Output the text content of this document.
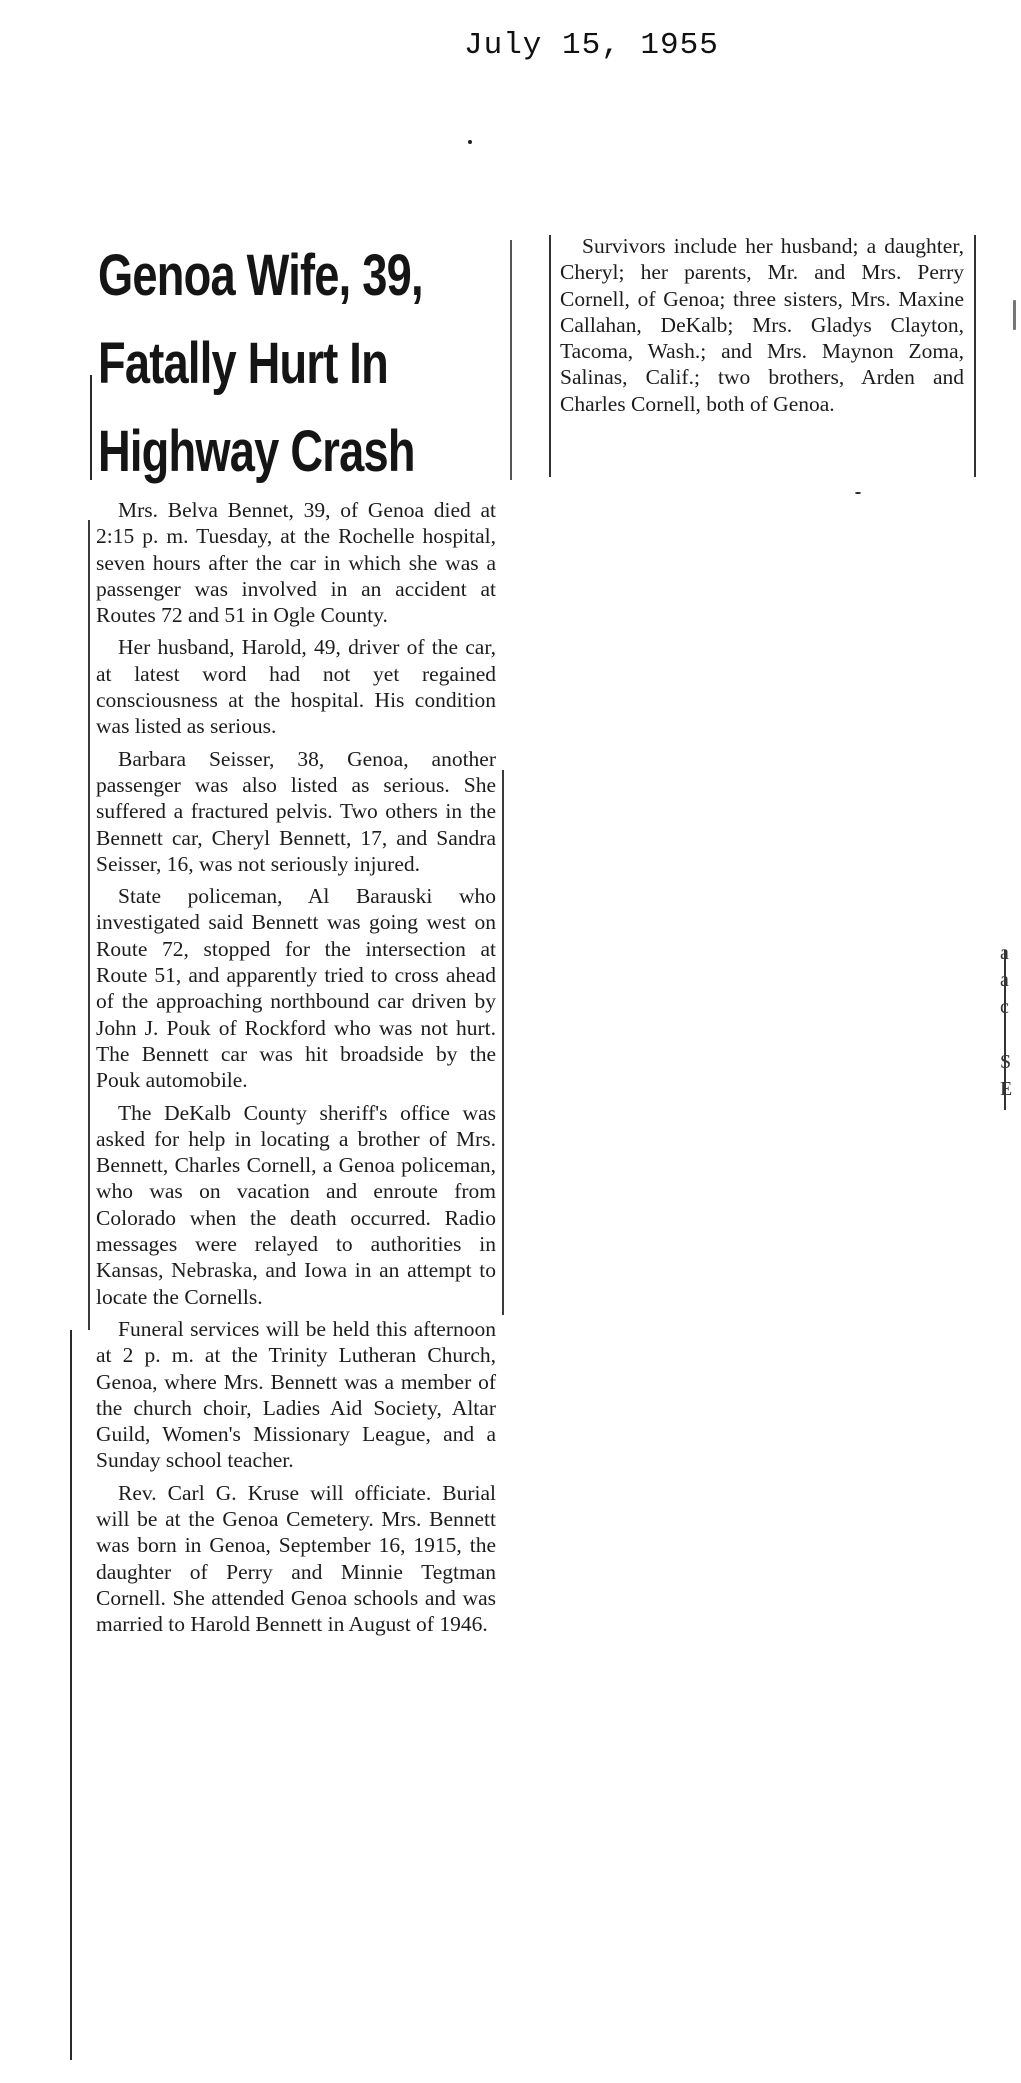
July 15, 1955
Genoa Wife, 39,
Fatally Hurt In
Highway Crash

Mrs. Belva Bennet, 39, of Genoa died at 2:15 p. m. Tuesday, at the Rochelle hospital, seven hours after the car in which she was a passenger was involved in an accident at Routes 72 and 51 in Ogle County.

Her husband, Harold, 49, driver of the car, at latest word had not yet regained consciousness at the hospital. His condition was listed as serious.

Barbara Seisser, 38, Genoa, another passenger was also listed as serious. She suffered a fractured pelvis. Two others in the Bennett car, Cheryl Bennett, 17, and Sandra Seisser, 16, was not seriously injured.

State policeman, Al Barauski who investigated said Bennett was going west on Route 72, stopped for the intersection at Route 51, and apparently tried to cross ahead of the approaching northbound car driven by John J. Pouk of Rockford who was not hurt. The Bennett car was hit broadside by the Pouk automobile.

The DeKalb County sheriff's office was asked for help in locating a brother of Mrs. Bennett, Charles Cornell, a Genoa policeman, who was on vacation and enroute from Colorado when the death occurred. Radio messages were relayed to authorities in Kansas, Nebraska, and Iowa in an attempt to locate the Cornells.

Funeral services will be held this afternoon at 2 p. m. at the Trinity Lutheran Church, Genoa, where Mrs. Bennett was a member of the church choir, Ladies Aid Society, Altar Guild, Women's Missionary League, and a Sunday school teacher.

Rev. Carl G. Kruse will officiate. Burial will be at the Genoa Cemetery. Mrs. Bennett was born in Genoa, September 16, 1915, the daughter of Perry and Minnie Tegtman Cornell. She attended Genoa schools and was married to Harold Bennett in August of 1946.

Survivors include her husband; a daughter, Cheryl; her parents, Mr. and Mrs. Perry Cornell, of Genoa; three sisters, Mrs. Maxine Callahan, DeKalb; Mrs. Gladys Clayton, Tacoma, Wash.; and Mrs. Maynon Zoma, Salinas, Calif.; two brothers, Arden and Charles Cornell, both of Genoa.

a
a
c
S
E
